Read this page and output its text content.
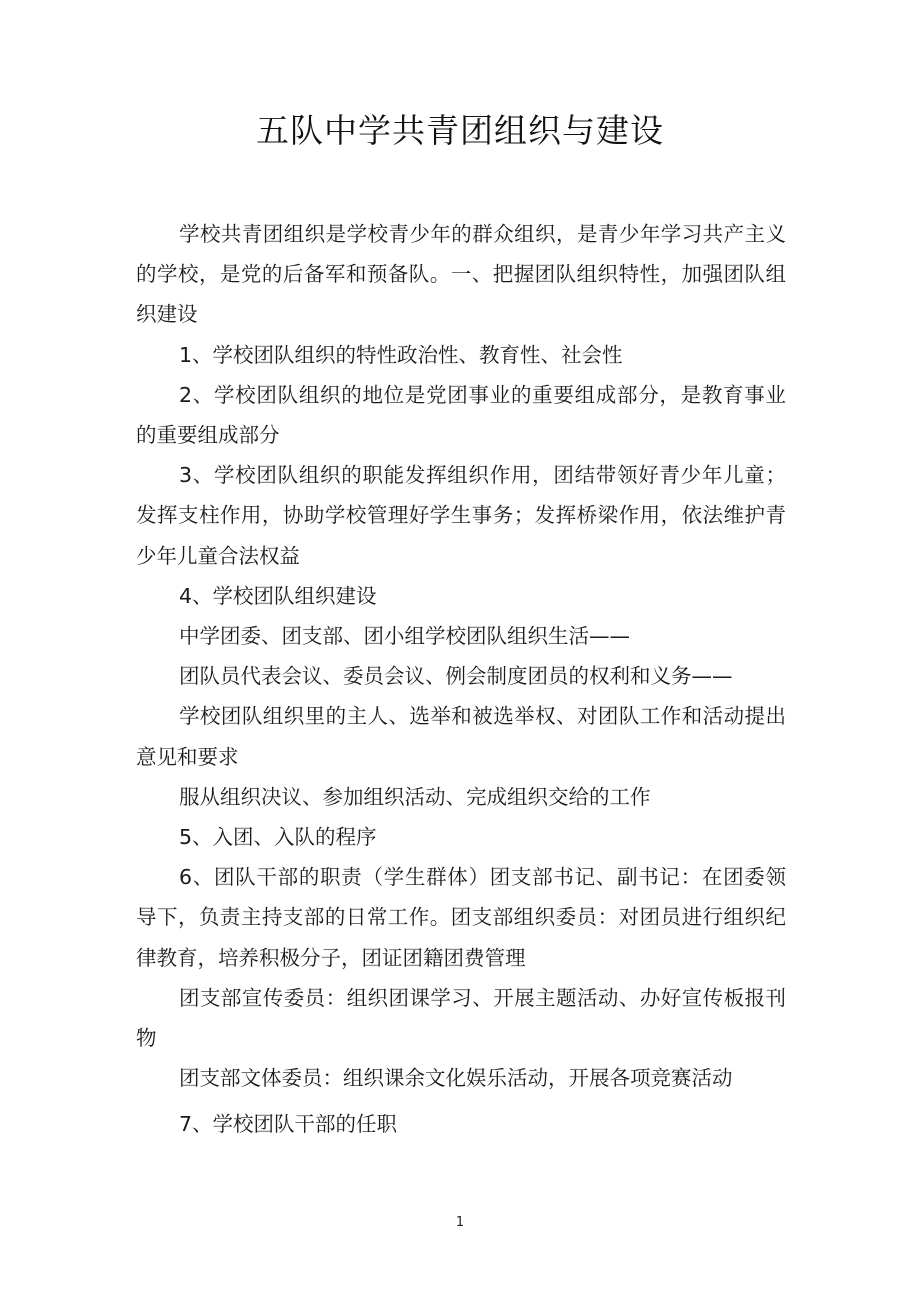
五队中学共青团组织与建设

学校共青团组织是学校青少年的群众组织，是青少年学习共产主义的学校，是党的后备军和预备队。一、把握团队组织特性，加强团队组织建设

1、学校团队组织的特性政治性、教育性、社会性

2、学校团队组织的地位是党团事业的重要组成部分，是教育事业的重要组成部分

3、学校团队组织的职能发挥组织作用，团结带领好青少年儿童；发挥支柱作用，协助学校管理好学生事务；发挥桥梁作用，依法维护青少年儿童合法权益

4、学校团队组织建设

中学团委、团支部、团小组学校团队组织生活——

团队员代表会议、委员会议、例会制度团员的权利和义务——

学校团队组织里的主人、选举和被选举权、对团队工作和活动提出意见和要求

服从组织决议、参加组织活动、完成组织交给的工作

5、入团、入队的程序

6、团队干部的职责（学生群体）团支部书记、副书记：在团委领导下，负责主持支部的日常工作。团支部组织委员：对团员进行组织纪律教育，培养积极分子，团证团籍团费管理

团支部宣传委员：组织团课学习、开展主题活动、办好宣传板报刊物

团支部文体委员：组织课余文化娱乐活动，开展各项竞赛活动

7、学校团队干部的任职

1
